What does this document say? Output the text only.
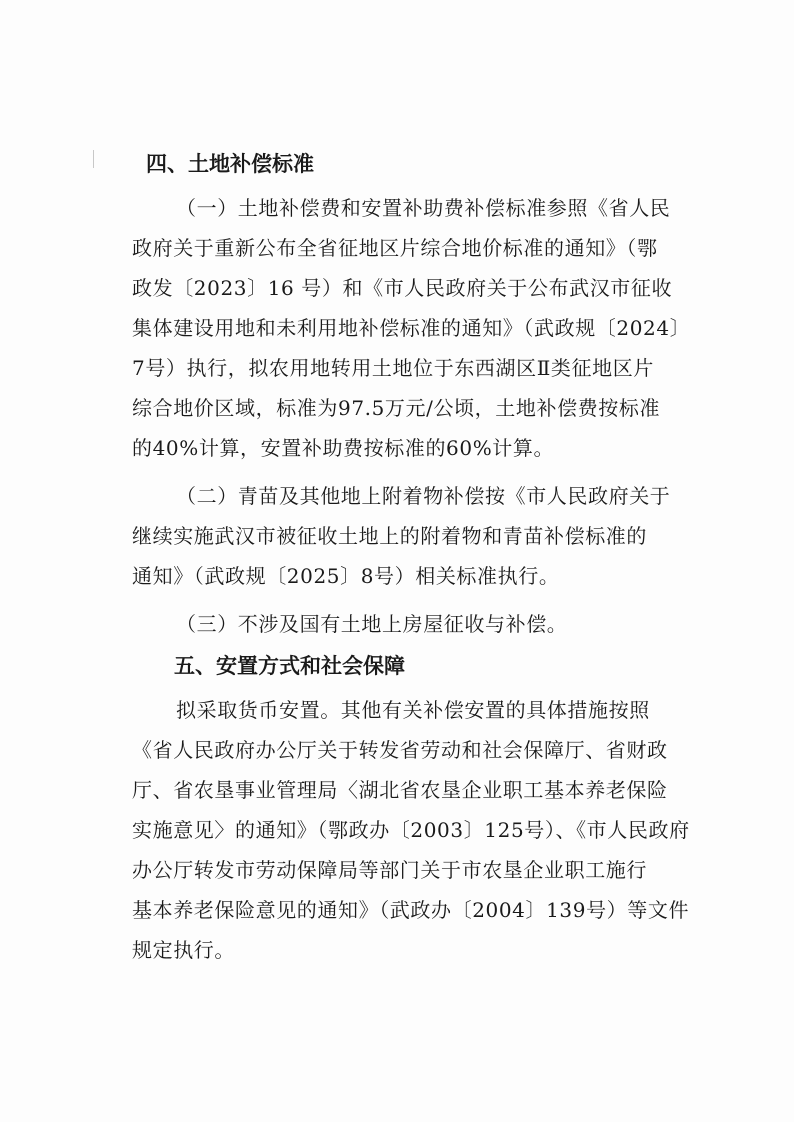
四、土地补偿标准

（一）土地补偿费和安置补助费补偿标准参照《省人民
政府关于重新公布全省征地区片综合地价标准的通知》（鄂
政发〔2023〕16 号）和《市人民政府关于公布武汉市征收
集体建设用地和未利用地补偿标准的通知》（武政规〔2024〕
7号）执行，拟农用地转用土地位于东西湖区Ⅱ类征地区片
综合地价区域，标准为97.5万元/公顷，土地补偿费按标准
的40%计算，安置补助费按标准的60%计算。

（二）青苗及其他地上附着物补偿按《市人民政府关于
继续实施武汉市被征收土地上的附着物和青苗补偿标准的
通知》（武政规〔2025〕8号）相关标准执行。

（三）不涉及国有土地上房屋征收与补偿。

五、安置方式和社会保障

拟采取货币安置。其他有关补偿安置的具体措施按照
《省人民政府办公厅关于转发省劳动和社会保障厅、省财政
厅、省农垦事业管理局〈湖北省农垦企业职工基本养老保险
实施意见〉的通知》（鄂政办〔2003〕125号）、《市人民政府
办公厅转发市劳动保障局等部门关于市农垦企业职工施行
基本养老保险意见的通知》（武政办〔2004〕139号）等文件
规定执行。
